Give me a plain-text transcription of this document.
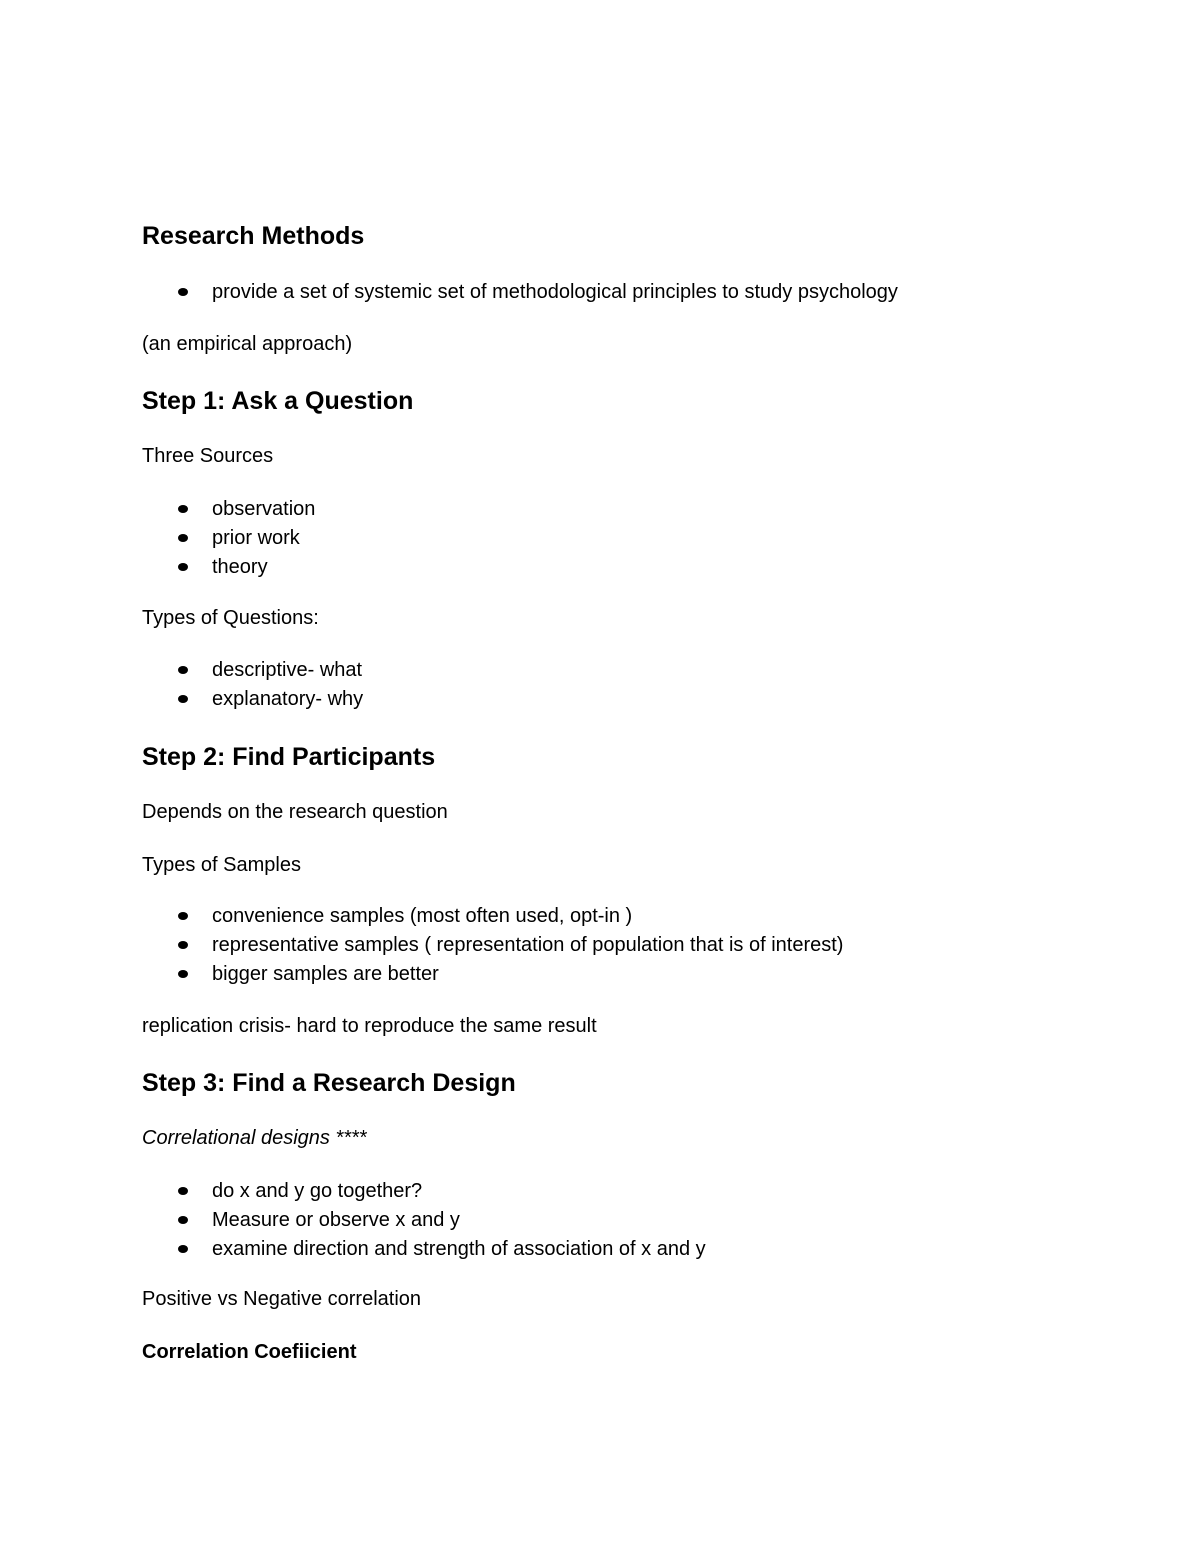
Research Methods
provide a set of systemic set of methodological principles to study psychology
(an empirical approach)
Step 1: Ask a Question
Three Sources
observation
prior work
theory
Types of Questions:
descriptive- what
explanatory- why
Step 2: Find Participants
Depends on the research question
Types of Samples
convenience samples (most often used, opt-in )
representative samples ( representation of population that is of interest)
bigger samples are better
replication crisis- hard to reproduce the same result
Step 3: Find a Research Design
Correlational designs ****
do x and y go together?
Measure or observe x and y
examine direction and strength of association of x and y
Positive vs Negative correlation
Correlation Coefiicient
